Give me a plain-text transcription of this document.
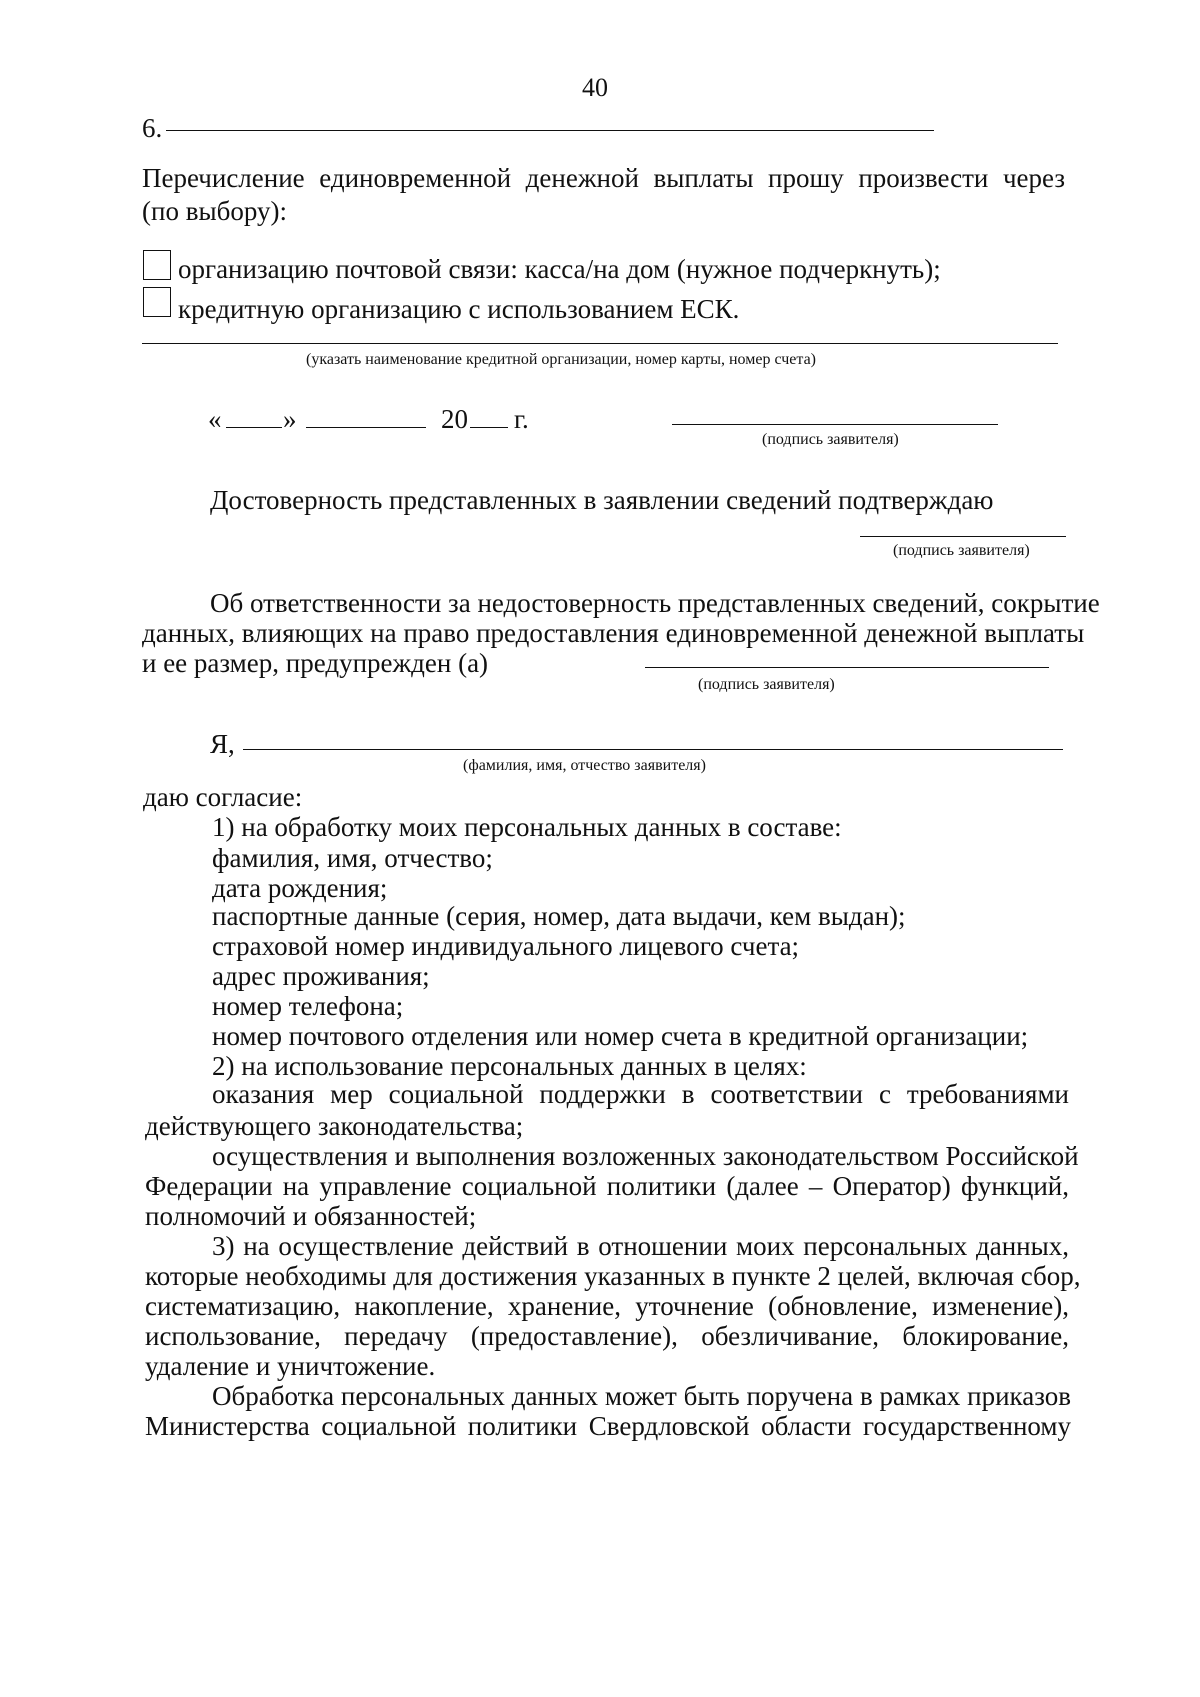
40
6.
Перечисление единовременной денежной выплаты прошу произвести через
(по выбору):
организацию почтовой связи: касса/на дом (нужное подчеркнуть);
кредитную организацию с использованием ЕСК.
(указать наименование кредитной организации, номер карты, номер счета)
« »	20 г.
(подпись заявителя)
Достоверность представленных в заявлении сведений подтверждаю
(подпись заявителя)
Об ответственности за недостоверность представленных сведений, сокрытие
данных, влияющих на право предоставления единовременной денежной выплаты
и ее размер, предупрежден (а)
(подпись заявителя)
Я,
(фамилия, имя, отчество заявителя)
даю согласие:
1) на обработку моих персональных данных в составе:
фамилия, имя, отчество;
дата рождения;
паспортные данные (серия, номер, дата выдачи, кем выдан);
страховой номер индивидуального лицевого счета;
адрес проживания;
номер телефона;
номер почтового отделения или номер счета в кредитной организации;
2) на использование персональных данных в целях:
оказания мер социальной поддержки в соответствии с требованиями
действующего законодательства;
осуществления и выполнения возложенных законодательством Российской
Федерации на управление социальной политики (далее – Оператор) функций,
полномочий и обязанностей;
3) на осуществление действий в отношении моих персональных данных,
которые необходимы для достижения указанных в пункте 2 целей, включая сбор,
систематизацию, накопление, хранение, уточнение (обновление, изменение),
использование, передачу (предоставление), обезличивание, блокирование,
удаление и уничтожение.
Обработка персональных данных может быть поручена в рамках приказов
Министерства социальной политики Свердловской области государственному
